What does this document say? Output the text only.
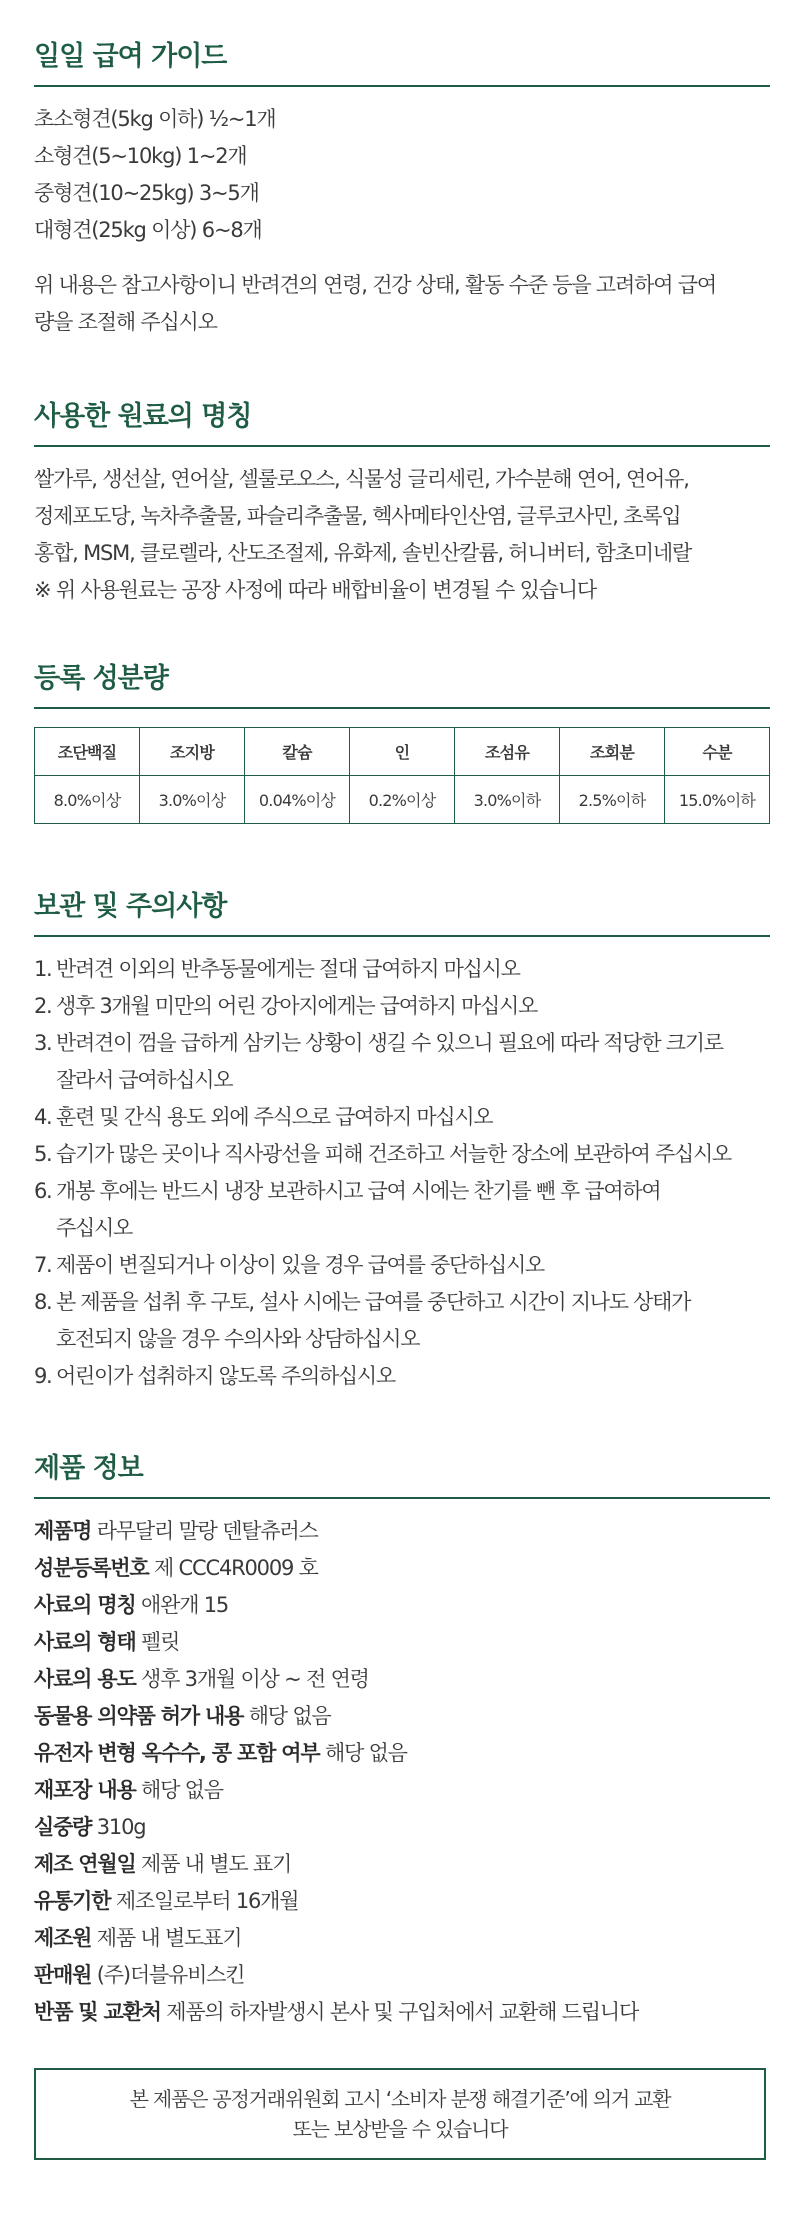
일일 급여 가이드
초소형견(5kg 이하) ½~1개
소형견(5~10kg) 1~2개
중형견(10~25kg) 3~5개
대형견(25kg 이상) 6~8개
위 내용은 참고사항이니 반려견의 연령, 건강 상태, 활동 수준 등을 고려하여 급여
량을 조절해 주십시오
사용한 원료의 명칭
쌀가루, 생선살, 연어살, 셀룰로오스, 식물성 글리세린, 가수분해 연어, 연어유,
정제포도당, 녹차추출물, 파슬리추출물, 헥사메타인산염, 글루코사민, 초록입
홍합, MSM, 클로렐라, 산도조절제, 유화제, 솔빈산칼륨, 허니버터, 함초미네랄
※ 위 사용원료는 공장 사정에 따라 배합비율이 변경될 수 있습니다
등록 성분량
조단백질	조지방	칼슘	인	조섬유	조회분	수분
8.0%이상	3.0%이상	0.04%이상	0.2%이상	3.0%이하	2.5%이하	15.0%이하
보관 및 주의사항
1. 반려견 이외의 반추동물에게는 절대 급여하지 마십시오
2. 생후 3개월 미만의 어린 강아지에게는 급여하지 마십시오
3. 반려견이 껌을 급하게 삼키는 상황이 생길 수 있으니 필요에 따라 적당한 크기로
잘라서 급여하십시오
4. 훈련 및 간식 용도 외에 주식으로 급여하지 마십시오
5. 습기가 많은 곳이나 직사광선을 피해 건조하고 서늘한 장소에 보관하여 주십시오
6. 개봉 후에는 반드시 냉장 보관하시고 급여 시에는 찬기를 뺀 후 급여하여
주십시오
7. 제품이 변질되거나 이상이 있을 경우 급여를 중단하십시오
8. 본 제품을 섭취 후 구토, 설사 시에는 급여를 중단하고 시간이 지나도 상태가
호전되지 않을 경우 수의사와 상담하십시오
9. 어린이가 섭취하지 않도록 주의하십시오
제품 정보
제품명 라무달리 말랑 덴탈츄러스
성분등록번호 제 CCC4R0009 호
사료의 명칭 애완개 15
사료의 형태 펠릿
사료의 용도 생후 3개월 이상 ~ 전 연령
동물용 의약품 허가 내용 해당 없음
유전자 변형 옥수수, 콩 포함 여부 해당 없음
재포장 내용 해당 없음
실중량 310g
제조 연월일 제품 내 별도 표기
유통기한 제조일로부터 16개월
제조원 제품 내 별도표기
판매원 (주)더블유비스킨
반품 및 교환처 제품의 하자발생시 본사 및 구입처에서 교환해 드립니다
본 제품은 공정거래위원회 고시 ‘소비자 분쟁 해결기준’에 의거 교환
또는 보상받을 수 있습니다
